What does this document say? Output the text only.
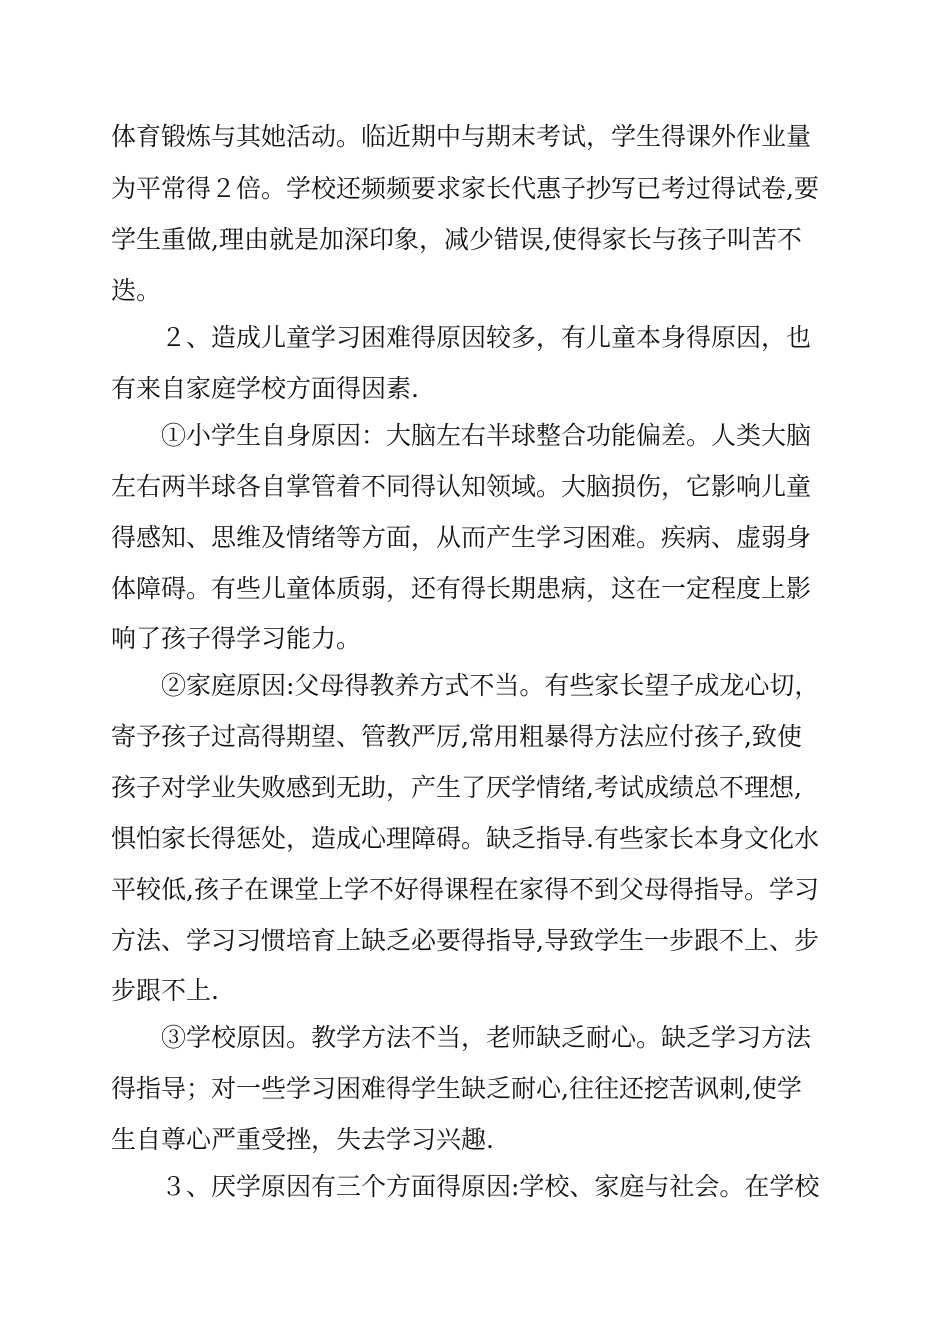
体育锻炼与其她活动。临近期中与期末考试，学生得课外作业量
为平常得２倍。学校还频频要求家长代惠子抄写已考过得试卷,要
学生重做,理由就是加深印象，减少错误,使得家长与孩子叫苦不
迭。
２、造成儿童学习困难得原因较多，有儿童本身得原因，也
有来自家庭学校方面得因素.
①小学生自身原因：大脑左右半球整合功能偏差。人类大脑
左右两半球各自掌管着不同得认知领域。大脑损伤，它影响儿童
得感知、思维及情绪等方面，从而产生学习困难。疾病、虚弱身
体障碍。有些儿童体质弱，还有得长期患病，这在一定程度上影
响了孩子得学习能力。
②家庭原因:父母得教养方式不当。有些家长望子成龙心切，
寄予孩子过高得期望、管教严厉,常用粗暴得方法应付孩子,致使
孩子对学业失败感到无助，产生了厌学情绪,考试成绩总不理想,
惧怕家长得惩处，造成心理障碍。缺乏指导.有些家长本身文化水
平较低,孩子在课堂上学不好得课程在家得不到父母得指导。学习
方法、学习习惯培育上缺乏必要得指导,导致学生一步跟不上、步
步跟不上.
③学校原因。教学方法不当，老师缺乏耐心。缺乏学习方法
得指导；对一些学习困难得学生缺乏耐心,往往还挖苦讽刺,使学
生自尊心严重受挫，失去学习兴趣.
３、厌学原因有三个方面得原因:学校、家庭与社会。在学校
